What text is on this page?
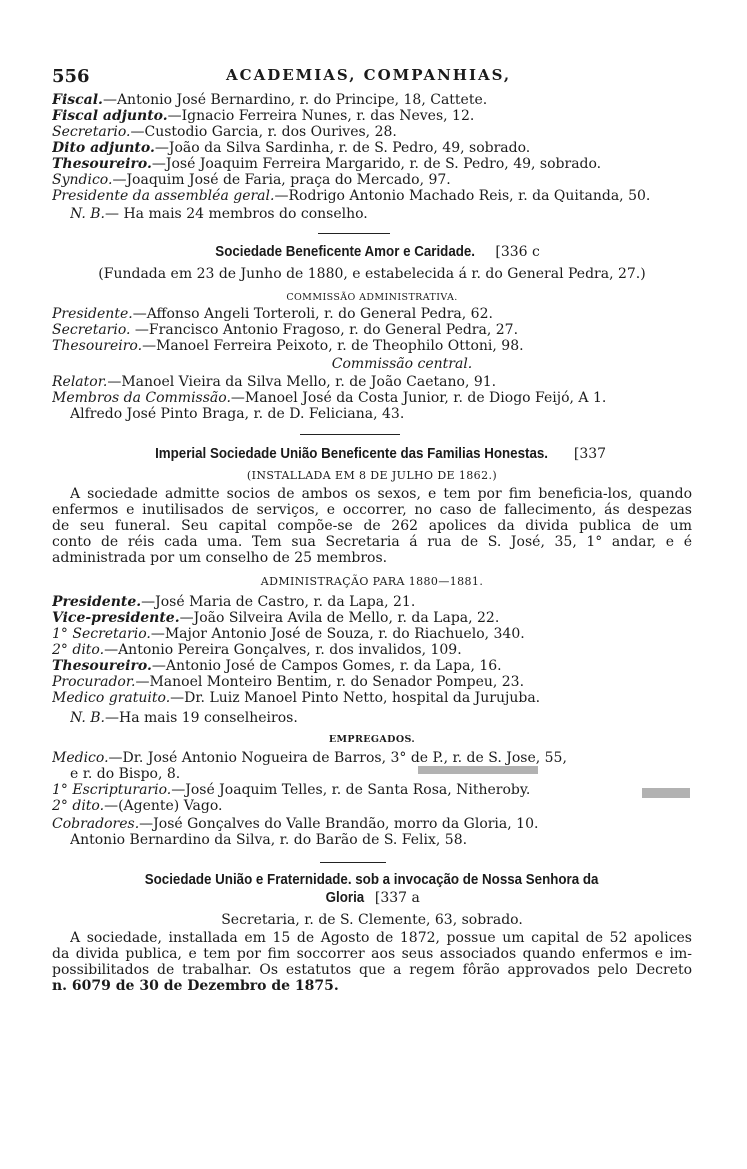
556	ACADEMIAS, COMPANHIAS,
Fiscal.—Antonio José Bernardino, r. do Principe, 18, Cattete.
Fiscal adjunto.—Ignacio Ferreira Nunes, r. das Neves, 12.
Secretario.—Custodio Garcia, r. dos Ourives, 28.
Dito adjunto.—João da Silva Sardinha, r. de S. Pedro, 49, sobrado.
Thesoureiro.—José Joaquim Ferreira Margarido, r. de S. Pedro, 49, sobrado.
Syndico.—Joaquim José de Faria, praça do Mercado, 97.
Presidente da assembléa geral.—Rodrigo Antonio Machado Reis, r. da Quitanda, 50.
N. B.— Ha mais 24 membros do conselho.
Sociedade Beneficente Amor e Caridade. [336 c
(Fundada em 23 de Junho de 1880, e estabelecida á r. do General Pedra, 27.)
COMMISSÃO ADMINISTRATIVA.
Presidente.—Affonso Angeli Torteroli, r. do General Pedra, 62.
Secretario. —Francisco Antonio Fragoso, r. do General Pedra, 27.
Thesoureiro.—Manoel Ferreira Peixoto, r. de Theophilo Ottoni, 98.
Commissão central.
Relator.—Manoel Vieira da Silva Mello, r. de João Caetano, 91.
Membros da Commissão.—Manoel José da Costa Junior, r. de Diogo Feijó, A 1.
Alfredo José Pinto Braga, r. de D. Feliciana, 43.
Imperial Sociedade União Beneficente das Familias Honestas. [337
(INSTALLADA EM 8 DE JULHO DE 1862.)
A sociedade admitte socios de ambos os sexos, e tem por fim beneficia-los, quando
enfermos e inutilisados de serviços, e occorrer, no caso de fallecimento, ás despezas
de seu funeral. Seu capital compõe-se de 262 apolices da divida publica de um
conto de réis cada uma. Tem sua Secretaria á rua de S. José, 35, 1° andar, e é
administrada por um conselho de 25 membros.
ADMINISTRAÇÃO PARA 1880—1881.
Presidente.—José Maria de Castro, r. da Lapa, 21.
Vice-presidente.—João Silveira Avila de Mello, r. da Lapa, 22.
1° Secretario.—Major Antonio José de Souza, r. do Riachuelo, 340.
2° dito.—Antonio Pereira Gonçalves, r. dos invalidos, 109.
Thesoureiro.—Antonio José de Campos Gomes, r. da Lapa, 16.
Procurador.—Manoel Monteiro Bentim, r. do Senador Pompeu, 23.
Medico gratuito.—Dr. Luiz Manoel Pinto Netto, hospital da Jurujuba.
N. B.—Ha mais 19 conselheiros.
EMPREGADOS.
Medico.—Dr. José Antonio Nogueira de Barros, 3° de P., r. de S. Jose, 55,
e r. do Bispo, 8.
1° Escripturario.—José Joaquim Telles, r. de Santa Rosa, Nitheroby.
2° dito.—(Agente) Vago.
Cobradores.—José Gonçalves do Valle Brandão, morro da Gloria, 10.
Antonio Bernardino da Silva, r. do Barão de S. Felix, 58.
Sociedade União e Fraternidade. sob a invocação de Nossa Senhora da
Gloria [337 a
Secretaria, r. de S. Clemente, 63, sobrado.
A sociedade, installada em 15 de Agosto de 1872, possue um capital de 52 apolices
da divida publica, e tem por fim soccorrer aos seus associados quando enfermos e im-
possibilitados de trabalhar. Os estatutos que a regem fôrão approvados pelo Decreto
n. 6079 de 30 de Dezembro de 1875.
